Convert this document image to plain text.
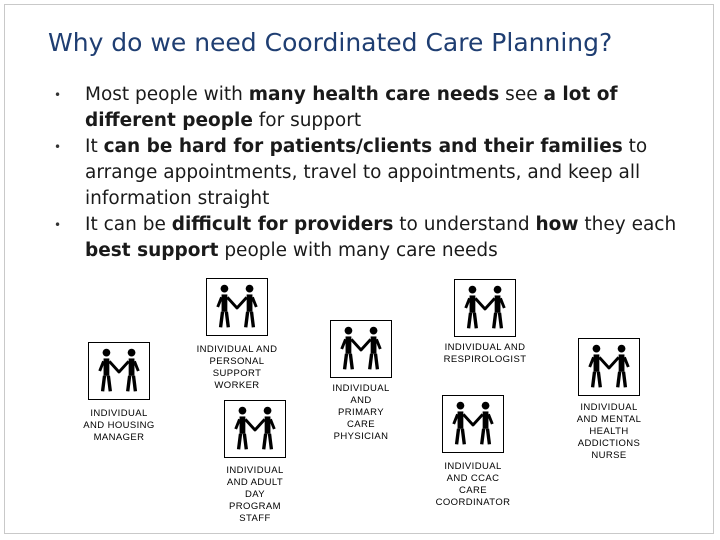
Why do we need Coordinated Care Planning?
• Most people with many health care needs see a lot of different people for support
• It can be hard for patients/clients and their families to arrange appointments, travel to appointments, and keep all information straight
• It can be difficult for providers to understand how they each best support people with many care needs
INDIVIDUAL
AND HOUSING
MANAGER
INDIVIDUAL AND
PERSONAL
SUPPORT
WORKER
INDIVIDUAL
AND ADULT
DAY
PROGRAM
STAFF
INDIVIDUAL
AND
PRIMARY
CARE
PHYSICIAN
INDIVIDUAL AND
RESPIROLOGIST
INDIVIDUAL
AND CCAC
CARE
COORDINATOR
INDIVIDUAL
AND MENTAL
HEALTH
ADDICTIONS
NURSE
